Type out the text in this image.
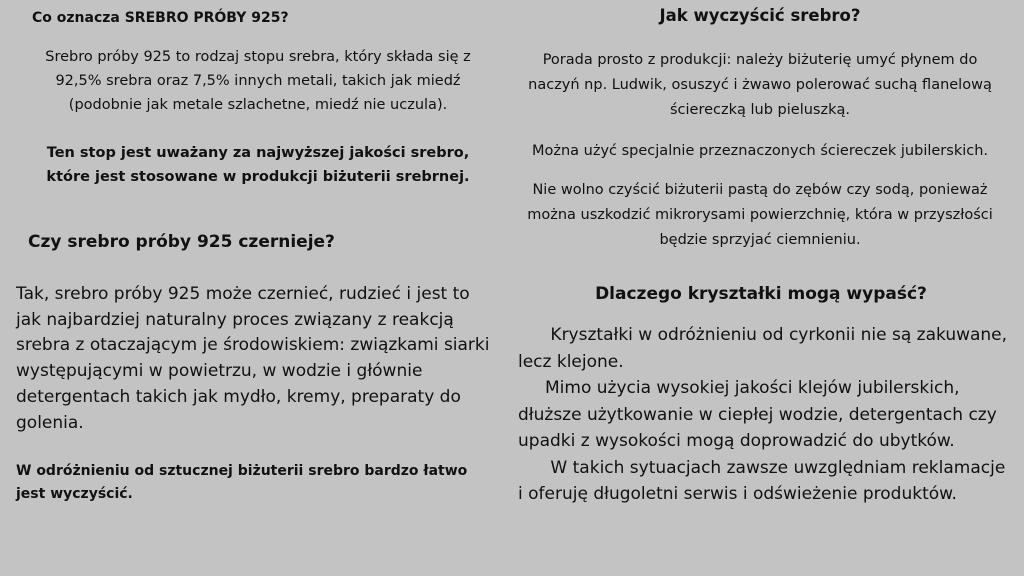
Co oznacza SREBRO PRÓBY 925?

Srebro próby 925 to rodzaj stopu srebra, który składa się z 92,5% srebra oraz 7,5% innych metali, takich jak miedź (podobnie jak metale szlachetne, miedź nie uczula).

Ten stop jest uważany za najwyższej jakości srebro, które jest stosowane w produkcji biżuterii srebrnej.

Czy srebro próby 925 czernieje?

Tak, srebro próby 925 może czernieć, rudzieć i jest to jak najbardziej naturalny proces związany z reakcją srebra z otaczającym je środowiskiem: związkami siarki występującymi w powietrzu, w wodzie i głównie detergentach takich jak mydło, kremy, preparaty do golenia.

W odróżnieniu od sztucznej biżuterii srebro bardzo łatwo jest wyczyścić.

Jak wyczyścić srebro?

Porada prosto z produkcji: należy biżuterię umyć płynem do naczyń np. Ludwik, osuszyć i żwawo polerować suchą flanelową ściereczką lub pieluszką.

Można użyć specjalnie przeznaczonych ściereczek jubilerskich.

Nie wolno czyścić biżuterii pastą do zębów czy sodą, ponieważ można uszkodzić mikrorysami powierzchnię, która w przyszłości będzie sprzyjać ciemnieniu.

Dlaczego kryształki mogą wypaść?
Kryształki w odróżnieniu od cyrkonii nie są zakuwane,
lecz klejone.
Mimo użycia wysokiej jakości klejów jubilerskich,
dłuższe użytkowanie w ciepłej wodzie, detergentach czy
upadki z wysokości mogą doprowadzić do ubytków.
W takich sytuacjach zawsze uwzględniam reklamacje
i oferuję długoletni serwis i odświeżenie produktów.
